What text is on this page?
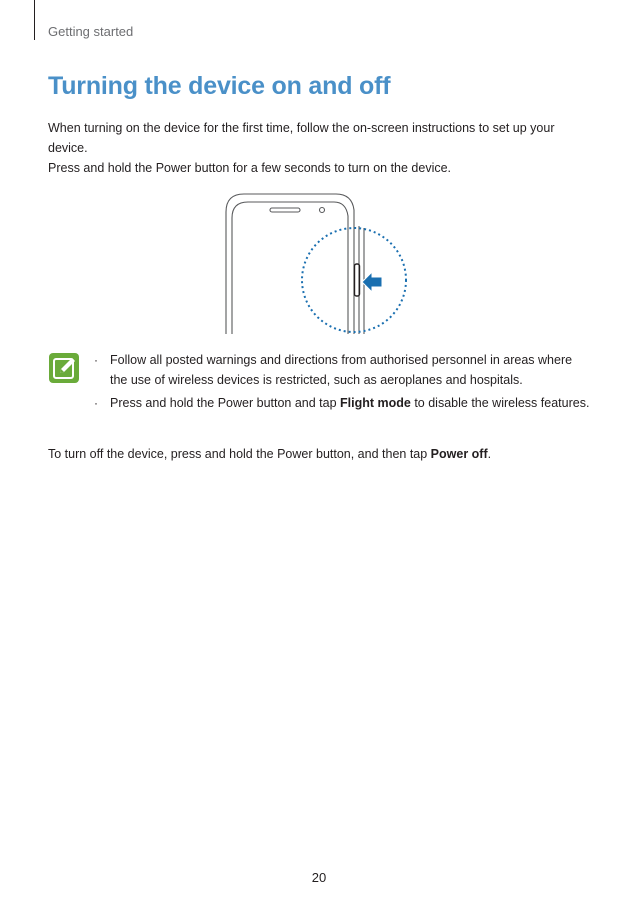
Getting started
Turning the device on and off

When turning on the device for the first time, follow the on-screen instructions to set up your device.

Press and hold the Power button for a few seconds to turn on the device.

· Follow all posted warnings and directions from authorised personnel in areas where the use of wireless devices is restricted, such as aeroplanes and hospitals.
· Press and hold the Power button and tap Flight mode to disable the wireless features.

To turn off the device, press and hold the Power button, and then tap Power off.

20
